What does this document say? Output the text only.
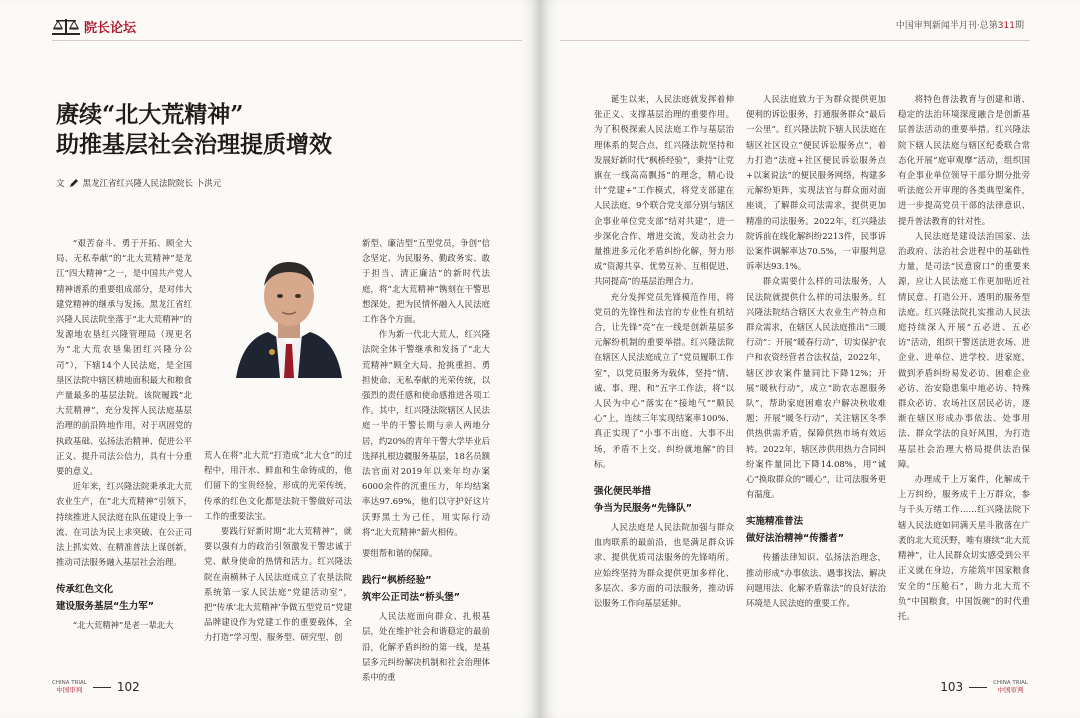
院长论坛
赓续“北大荒精神”
助推基层社会治理提质增效
文 黑龙江省红兴隆人民法院院长 卜洪元

“艰苦奋斗、勇于开拓、顾全大局、无私奉献”的“北大荒精神”是龙江“四大精神”之一，是中国共产党人精神谱系的重要组成部分，是对伟大建党精神的继承与发扬。黑龙江省红兴隆人民法院坐落于“北大荒精神”的发源地农垦红兴隆管理局（现更名为“北大荒农垦集团红兴隆分公司”），下辖14个人民法庭，是全国垦区法院中辖区耕地面积最大和粮食产量最多的基层法院。该院履践“北大荒精神”，充分发挥人民法庭基层治理的前沿阵地作用，对于巩固党的执政基础、弘扬法治精神、促进公平正义、提升司法公信力，具有十分重要的意义。

近年来，红兴隆法院秉承北大荒农业生产，在“北大荒精神”引领下，持续推进人民法庭在队伍建设上争一流、在司法为民上求突破、在公正司法上抓实效、在精准普法上谋创新，推动司法服务融入基层社会治理。

传承红色文化

建设服务基层“生力军”

“北大荒精神”是老一辈北大

新型、廉洁型”五型党员，争创“信念坚定、为民服务、勤政务实、敢于担当、清正廉洁”的新时代法庭，将“北大荒精神”镌刻在干警思想深处，把为民情怀融入人民法庭工作各个方面。

作为新一代北大荒人，红兴隆法院全体干警继承和发扬了“北大荒精神”顾全大局、抢挑重担、勇担使命、无私奉献的光荣传统，以强烈的责任感和使命感推进各项工作。其中，红兴隆法院辖区人民法庭一半的干警长期与亲人两地分居，约20%的青年干警大学毕业后选择扎根边疆服务基层，18名员额法官面对2019年以来年均办案6000余件的沉重压力，年均结案率达97.69%，他们以守护好这片沃野黑土为己任，用实际行动将“北大荒精神”薪火相传。

荒人在将“北大荒”打造成“北大仓”的过程中，用汗水、鲜血和生命铸成的，他们留下的宝贵经验，形成的光荣传统，传承的红色文化都是法院干警做好司法工作的重要法宝。

要践行好新时期“北大荒精神”，就要以强有力的政治引领激发干警忠诚于党、献身使命的热情和活力。红兴隆法院在南横林子人民法庭成立了农垦法院系统第一家人民法庭“党建活动室”，把“传承‘北大荒精神’争做五型党员”党建品牌建设作为党建工作的重要载体，全力打造“学习型、服务型、研究型、创

要组帮和谐的保障。

践行“枫桥经验”

筑牢公正司法“桥头堡”

人民法庭面向群众、扎根基层，处在维护社会和谐稳定的最前沿，化解矛盾纠纷的第一线，是基层多元纠纷解决机制和社会治理体系中的重

CHINA TRIAL
中国审判	102
中国审判新闻半月刊·总第311期

诞生以来，人民法庭就发挥着伸张正义、支撑基层治理的重要作用。为了积极探索人民法庭工作与基层治理体系的契合点，红兴隆法院坚持和发展好新时代“枫桥经验”，秉持“让党旗在一线高高飘扬”的理念，精心设计“党建+”工作模式，将党支部建在人民法庭，9个联合党支部分别与辖区企事业单位党支部“结对共建”，进一步深化合作、增进交流，发动社会力量推进多元化矛盾纠纷化解，努力形成“资源共享、优势互补、互相促进、共同提高”的基层治理合力。

充分发挥党员先锋模范作用，将党员的先锋性和法官的专业性有机结合，让先锋“亮”在一线是创新基层多元解纷机制的重要举措。红兴隆法院在辖区人民法庭成立了“党员履职工作室”，以党员服务为载体，坚持“情、诚、事、理、和”五字工作法，将“以人民为中心”落实在“接地气”“顺民心”上，连续三年实现结案率100%、真正实现了“小事不出庭、大事不出场，矛盾不上交、纠纷就地解”的目标。

强化便民举措

争当为民服务“先锋队”

人民法庭是人民法院加强与群众血肉联系的最前沿，也是满足群众诉求、提供优质司法服务的先锋哨所。应始终坚持为群众提供更加多样化、多层次、多方面的司法服务，推动诉讼服务工作向基层延伸。

人民法庭致力于为群众提供更加便利的诉讼服务，打通服务群众“最后一公里”。红兴隆法院下辖人民法庭在辖区社区设立“便民诉讼服务点”，着力打造“法庭+社区便民诉讼服务点+以案说法”的便民服务网络，构建多元解纷矩阵，实现法官与群众面对面座谈，了解群众司法需求，提供更加精准的司法服务。2022年，红兴隆法院诉前在线化解纠纷2213件，民事诉讼案件调解率达70.5%，一审服判息诉率达93.1%。

群众需要什么样的司法服务，人民法院就提供什么样的司法服务。红兴隆法院结合辖区大农业生产特点和群众需求，在辖区人民法庭推出“三暖行动”：开展“暖春行动”，切实保护农户和农资经营者合法权益，2022年，辖区涉农案件量同比下降12%；开展“暖秋行动”，成立“助农志愿服务队”，帮助家庭困难农户解决秋收难题；开展“暖冬行动”，关注辖区冬季供热供需矛盾，保障供热市场有效运转。2022年，辖区涉供用热力合同纠纷案件量同比下降14.08%，用“诚心”换取群众的“暖心”，让司法服务更有温度。

实施精准普法

做好法治精神“传播者”

传播法律知识、弘扬法治理念，推动形成“办事依法、遇事找法、解决问题用法、化解矛盾靠法”的良好法治环境是人民法庭的重要工作。

将特色普法教育与创建和谐、稳定的法治环境深度融合是创新基层普法活动的重要举措。红兴隆法院下辖人民法庭与辖区纪委联合常态化开展“庭审观摩”活动，组织国有企事业单位领导干部分期分批旁听法庭公开审理的各类典型案件，进一步提高党员干部的法律意识、提升普法教育的针对性。

人民法庭是建设法治国家、法治政府、法治社会进程中的基础性力量，是司法“民意窗口”的重要来源，应让人民法庭工作更加贴近社情民意、打造公开、透明的服务型法庭。红兴隆法院扎实推动人民法庭持续深入开展“五必进、五必访”活动，组织干警送法进农场、进企业、进单位、进学校、进家庭，做到矛盾纠纷易发必访、困难企业必访、治安隐患集中地必访、特殊群众必访、农场社区居民必访，逐渐在辖区形成办事依法、处事用法、群众学法的良好风围，为打造基层社会治理大格局提供法治保障。

办理成千上万案件，化解成千上万纠纷，服务成千上万群众，参与千头万绪工作……红兴隆法院下辖人民法庭如同满天星斗散落在广袤的北大荒沃野，唯有赓续“北大荒精神”，让人民群众切实感受到公平正义就在身边，方能筑牢国家粮食安全的“压舱石”，助力北大荒不负“中国粮食，中国饭碗”的时代重托。

103	CHINA TRIAL
中国审判
